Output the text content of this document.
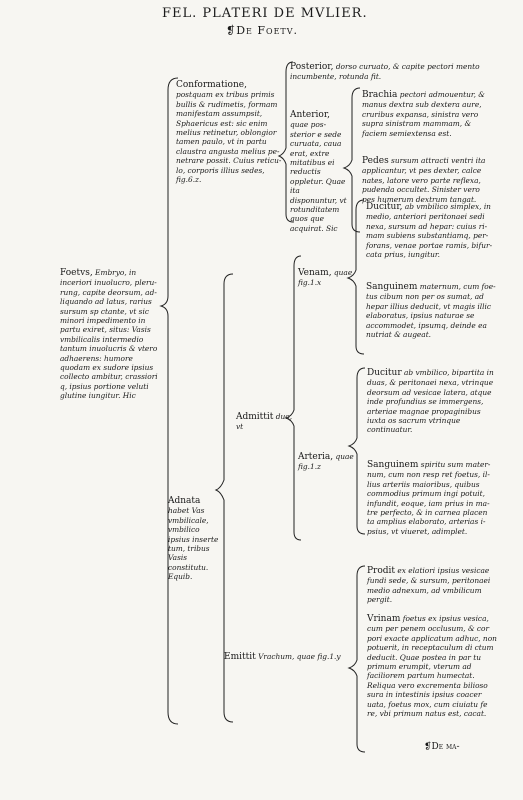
FEL. PLATERI DE MVLIER.
❡De Foetv.
Foetvs, Embryo, in inceriori inuolucro, plerurung, capite deorsum, adliquando ad latus, rarius sursum sp ctante, vt sic minori impedimento in partu exiret, situs: Vasis vmbilicalis intermedio tantum inuolucris & vtero adhaerens: humore quodam ex sudore ipsius collecto ambitur, crassiori q, ipsius portione veluti glutine iungitur. Hic
Conformatione, postquam ex tribus primis bullis & rudimetis, formam manifestam assumpsit, Sphaericus est: sic enim melius retinetur, oblongior tamen paulo, vt in partu claustra angusta melius penetrare possit. Cuius reticulo, corporis illius sedes, fig.6.z.
Posterior, dorso curuato, & capite pectori mento incumbente, rotunda fit.
Anterior, quae possterior e sede curuata, caua erat, extre mitatibus ei reductis oppletur. Quae ita disponuntur, vt rotunditatem quos que acquirat. Sic
Brachia pectori admouentur, & manus dextra sub dextera aure, cruribus expansa, sinistra vero supra sinistram mammam, & faciem semiextensa est.
Pedes sursum attracti ventri ita applicantur, vt pes dexter, calce nates, latore vero parte reflexa, pudenda occultet. Sinister vero pes humerum dextrum tangat.
Adnata habet Vas vmbilicale, vmbilico ipsius inserte tum, tribus Vasis constitutu. Equib.
Admittit duo, vt
Venam, quae fig.1.x
Arteria, quae fig.1.z
Ducitur, ab vmbilico simplex, in medio, anteriori peritonaei sedi nexa, sursum ad hepar: cuius rimam subiens substantiamq, perforans, venae portae ramis, bifurcata prius, iungitur.
Sanguinem maternum, cum foetus cibum non per os sumat, ad hepar illius deducit, vt magis illic elaboratus, ipsius naturae se accommodet, ipsumq, deinde ea nutriat & augeat.
Ducitur ab vmbilico, bipartita in duas, & peritonaei nexa, vtrinque deorsum ad vesicae latera, atque inde profundius se immergens, arteriae magnae propaginibus iuxta os sacrum vtrinque continuatur.
Sanguinem spiritu sum maternum, cum non resp ret foetus, illius arteriis maioribus, quibus commodius primum ingi potuit, infundit, eoque, iam prius in matre perfecto, & in carnea placen ta amplius elaborato, arterias ipsius, vt viueret, adimplet.
Emittit Vrachum, quae fig.1.y
Prodit ex elatiori ipsius vesicae fundi sede, & sursum, peritonaei medio adnexum, ad vmbilicum pergit.
Vrinam foetus ex ipsius vesica, cum per penem occlusum, & cor pori exacte applicatum adhuc, non potuerit, in receptaculum di ctum deducit. Quae postea in par tu primum erumpit, vterum ad faciliorem partum humectat. Reliqua vero excrementa bilioso sura in intestinis ipsius coacer uata, foetus mox, cum ciuiatu fe re, vbi primum natus est, cacat.
❡De ma-
